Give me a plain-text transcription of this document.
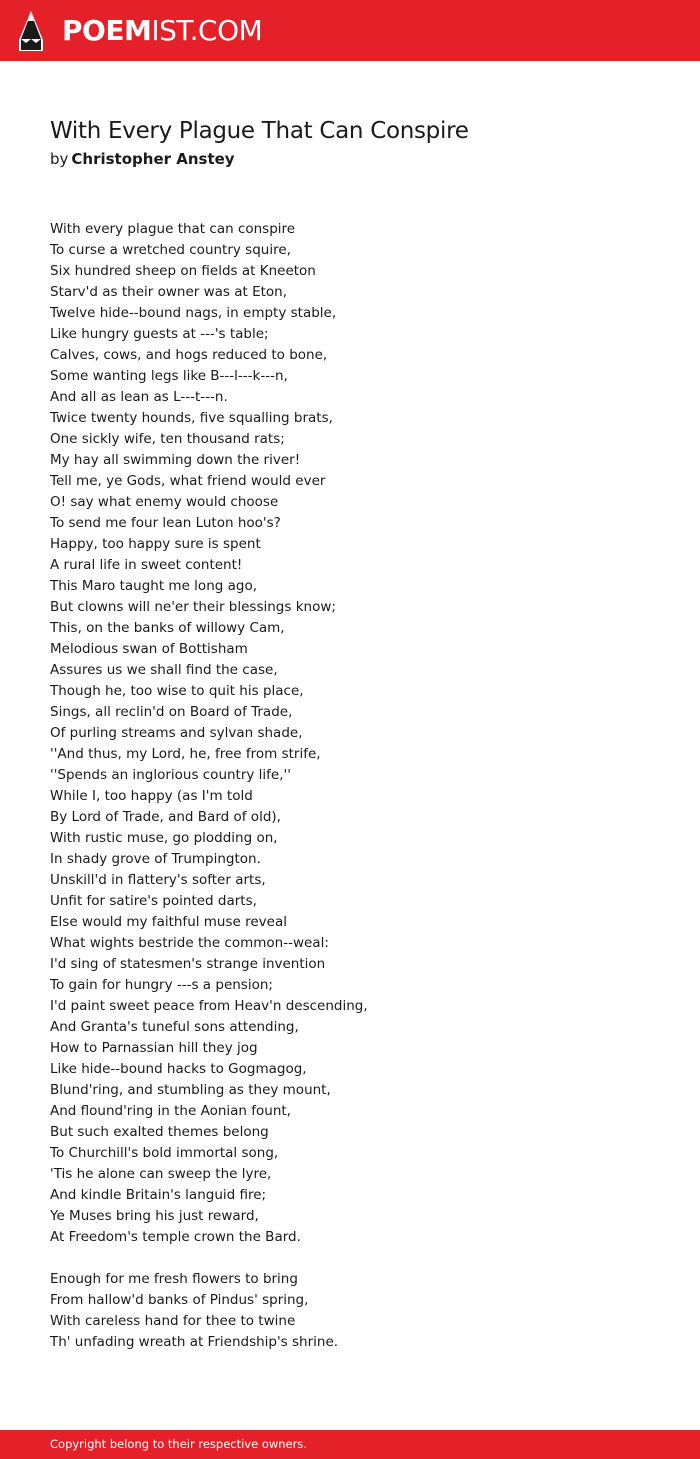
POEMIST.COM
With Every Plague That Can Conspire
by Christopher Anstey
With every plague that can conspire
To curse a wretched country squire,
Six hundred sheep on fields at Kneeton
Starv'd as their owner was at Eton,
Twelve hide--bound nags, in empty stable,
Like hungry guests at ---'s table;
Calves, cows, and hogs reduced to bone,
Some wanting legs like B---l---k---n,
And all as lean as L---t---n.
Twice twenty hounds, five squalling brats,
One sickly wife, ten thousand rats;
My hay all swimming down the river!
Tell me, ye Gods, what friend would ever
O! say what enemy would choose
To send me four lean Luton hoo's?
Happy, too happy sure is spent
A rural life in sweet content!
This Maro taught me long ago,
But clowns will ne'er their blessings know;
This, on the banks of willowy Cam,
Melodious swan of Bottisham
Assures us we shall find the case,
Though he, too wise to quit his place,
Sings, all reclin'd on Board of Trade,
Of purling streams and sylvan shade,
''And thus, my Lord, he, free from strife,
''Spends an inglorious country life,''
While I, too happy (as I'm told
By Lord of Trade, and Bard of old),
With rustic muse, go plodding on,
In shady grove of Trumpington.
Unskill'd in flattery's softer arts,
Unfit for satire's pointed darts,
Else would my faithful muse reveal
What wights bestride the common--weal:
I'd sing of statesmen's strange invention
To gain for hungry ---s a pension;
I'd paint sweet peace from Heav'n descending,
And Granta's tuneful sons attending,
How to Parnassian hill they jog
Like hide--bound hacks to Gogmagog,
Blund'ring, and stumbling as they mount,
And flound'ring in the Aonian fount,
But such exalted themes belong
To Churchill's bold immortal song,
'Tis he alone can sweep the lyre,
And kindle Britain's languid fire;
Ye Muses bring his just reward,
At Freedom's temple crown the Bard.
Enough for me fresh flowers to bring
From hallow'd banks of Pindus' spring,
With careless hand for thee to twine
Th' unfading wreath at Friendship's shrine.
Copyright belong to their respective owners.
